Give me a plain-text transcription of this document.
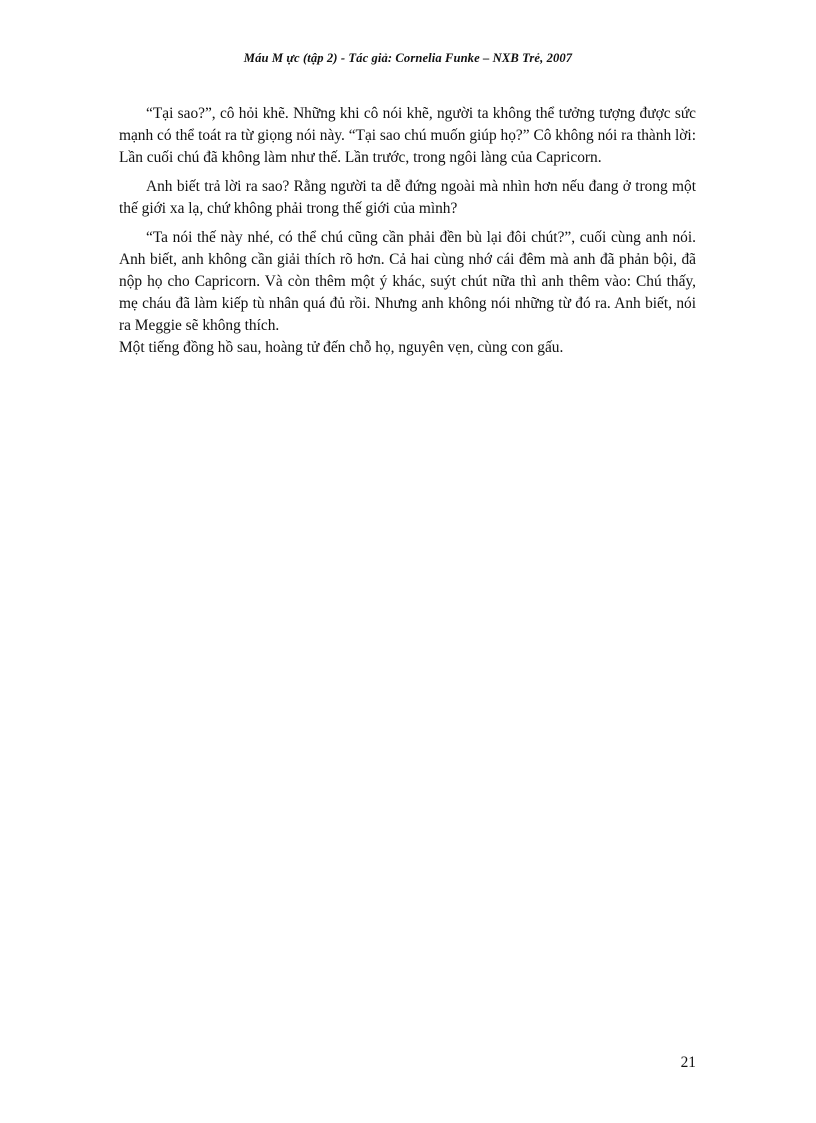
Máu M ực (tập 2) - Tác giả: Cornelia Funke – NXB Trẻ, 2007

“Tại sao?”, cô hỏi khẽ. Những khi cô nói khẽ, người ta không thể tưởng tượng được sức mạnh có thể toát ra từ giọng nói này. “Tại sao chú muốn giúp họ?” Cô không nói ra thành lời: Lần cuối chú đã không làm như thế. Lần trước, trong ngôi làng của Capricorn.

Anh biết trả lời ra sao? Rằng người ta dễ đứng ngoài mà nhìn hơn nếu đang ở trong một thế giới xa lạ, chứ không phải trong thế giới của mình?

“Ta nói thế này nhé, có thể chú cũng cần phải đền bù lại đôi chút?”, cuối cùng anh nói. Anh biết, anh không cần giải thích rõ hơn. Cả hai cùng nhớ cái đêm mà anh đã phản bội, đã nộp họ cho Capricorn. Và còn thêm một ý khác, suýt chút nữa thì anh thêm vào: Chú thấy, mẹ cháu đã làm kiếp tù nhân quá đủ rồi. Nhưng anh không nói những từ đó ra. Anh biết, nói ra Meggie sẽ không thích.

Một tiếng đồng hồ sau, hoàng tử đến chỗ họ, nguyên vẹn, cùng con gấu.

21
